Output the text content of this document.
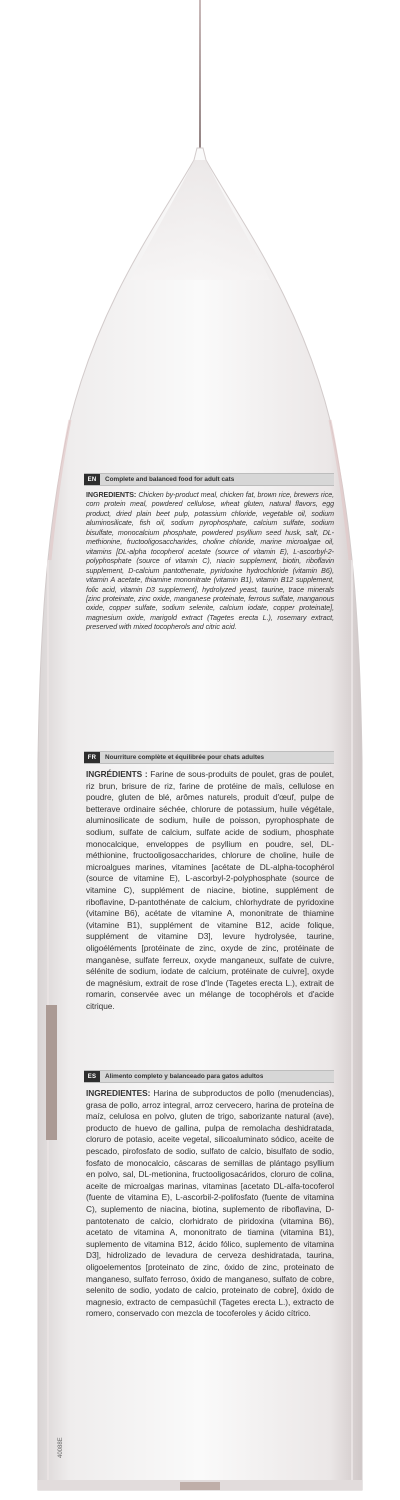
40088E
EN	Complete and balanced food for adult cats
INGREDIENTS: Chicken by-product meal, chicken fat, brown rice, brewers rice, corn protein meal, powdered cellulose, wheat gluten, natural flavors, egg product, dried plain beet pulp, potassium chloride, vegetable oil, sodium aluminosilicate, fish oil, sodium pyrophosphate, calcium sulfate, sodium bisulfate, monocalcium phosphate, powdered psyllium seed husk, salt, DL-methionine, fructooligosaccharides, choline chloride, marine microalgae oil, vitamins [DL-alpha tocopherol acetate (source of vitamin E), L-ascorbyl-2-polyphosphate (source of vitamin C), niacin supplement, biotin, riboflavin supplement, D-calcium pantothenate, pyridoxine hydrochloride (vitamin B6), vitamin A acetate, thiamine mononitrate (vitamin B1), vitamin B12 supplement, folic acid, vitamin D3 supplement], hydrolyzed yeast, taurine, trace minerals [zinc proteinate, zinc oxide, manganese proteinate, ferrous sulfate, manganous oxide, copper sulfate, sodium selenite, calcium iodate, copper proteinate], magnesium oxide, marigold extract (Tagetes erecta L.), rosemary extract, preserved with mixed tocopherols and citric acid.
FR	Nourriture complète et équilibrée pour chats adultes
INGRÉDIENTS : Farine de sous-produits de poulet, gras de poulet, riz brun, brisure de riz, farine de protéine de maïs, cellulose en poudre, gluten de blé, arômes naturels, produit d'œuf, pulpe de betterave ordinaire séchée, chlorure de potassium, huile végétale, aluminosilicate de sodium, huile de poisson, pyrophosphate de sodium, sulfate de calcium, sulfate acide de sodium, phosphate monocalcique, enveloppes de psyllium en poudre, sel, DL-méthionine, fructooligosaccharides, chlorure de choline, huile de microalgues marines, vitamines [acétate de DL-alpha-tocophérol (source de vitamine E), L-ascorbyl-2-polyphosphate (source de vitamine C), supplément de niacine, biotine, supplément de riboflavine, D-pantothénate de calcium, chlorhydrate de pyridoxine (vitamine B6), acétate de vitamine A, mononitrate de thiamine (vitamine B1), supplément de vitamine B12, acide folique, supplément de vitamine D3], levure hydrolysée, taurine, oligoéléments [protéinate de zinc, oxyde de zinc, protéinate de manganèse, sulfate ferreux, oxyde manganeux, sulfate de cuivre, sélénite de sodium, iodate de calcium, protéinate de cuivre], oxyde de magnésium, extrait de rose d'Inde (Tagetes erecta L.), extrait de romarin, conservée avec un mélange de tocophérols et d'acide citrique.
ES	Alimento completo y balanceado para gatos adultos
INGREDIENTES: Harina de subproductos de pollo (menudencias), grasa de pollo, arroz integral, arroz cervecero, harina de proteína de maíz, celulosa en polvo, gluten de trigo, saborizante natural (ave), producto de huevo de gallina, pulpa de remolacha deshidratada, cloruro de potasio, aceite vegetal, silicoaluminato sódico, aceite de pescado, pirofosfato de sodio, sulfato de calcio, bisulfato de sodio, fosfato de monocalcio, cáscaras de semillas de plántago psyllium en polvo, sal, DL-metionina, fructooligosacáridos, cloruro de colina, aceite de microalgas marinas, vitaminas [acetato DL-alfa-tocoferol (fuente de vitamina E), L-ascorbil-2-polifosfato (fuente de vitamina C), suplemento de niacina, biotina, suplemento de riboflavina, D-pantotenato de calcio, clorhidrato de piridoxina (vitamina B6), acetato de vitamina A, mononitrato de tiamina (vitamina B1), suplemento de vitamina B12, ácido fólico, suplemento de vitamina D3], hidrolizado de levadura de cerveza deshidratada, taurina, oligoelementos [proteinato de zinc, óxido de zinc, proteinato de manganeso, sulfato ferroso, óxido de manganeso, sulfato de cobre, selenito de sodio, yodato de calcio, proteinato de cobre], óxido de magnesio, extracto de cempasúchil (Tagetes erecta L.), extracto de romero, conservado con mezcla de tocoferoles y ácido cítrico.
